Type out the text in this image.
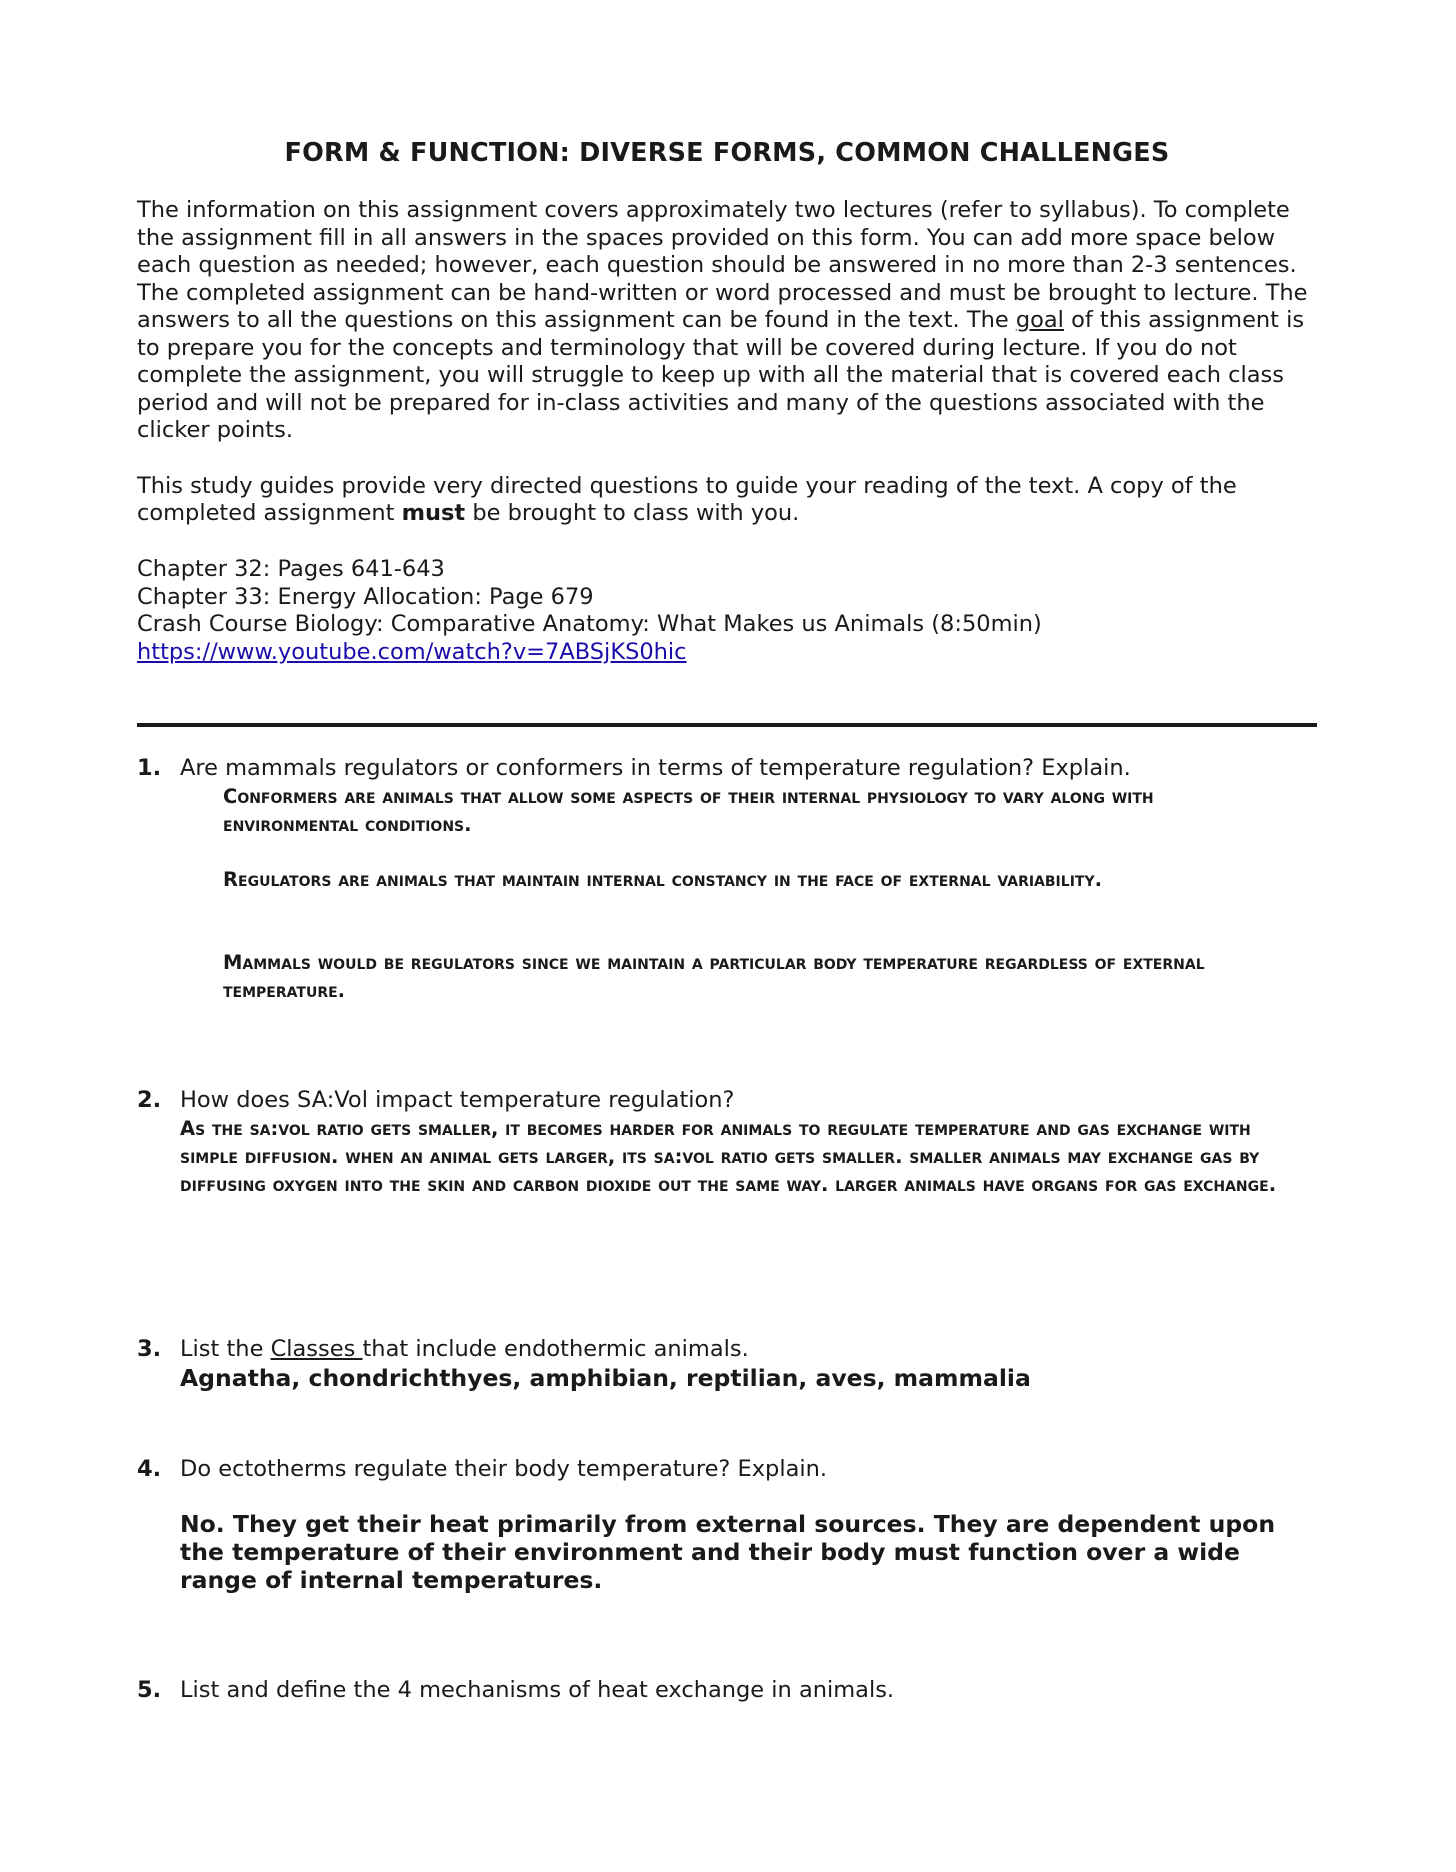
FORM & FUNCTION: DIVERSE FORMS, COMMON CHALLENGES

The information on this assignment covers approximately two lectures (refer to syllabus). To complete the assignment fill in all answers in the spaces provided on this form. You can add more space below each question as needed; however, each question should be answered in no more than 2-3 sentences. The completed assignment can be hand-written or word processed and must be brought to lecture. The answers to all the questions on this assignment can be found in the text. The goal of this assignment is to prepare you for the concepts and terminology that will be covered during lecture. If you do not complete the assignment, you will struggle to keep up with all the material that is covered each class period and will not be prepared for in-class activities and many of the questions associated with the clicker points.

This study guides provide very directed questions to guide your reading of the text. A copy of the completed assignment must be brought to class with you.

Chapter 32: Pages 641-643
Chapter 33: Energy Allocation: Page 679
Crash Course Biology: Comparative Anatomy: What Makes us Animals (8:50min)
https://www.youtube.com/watch?v=7ABSjKS0hic
1. Are mammals regulators or conformers in terms of temperature regulation? Explain.
Conformers are animals that allow some aspects of their internal physiology to vary along with environmental conditions.
Regulators are animals that maintain internal constancy in the face of external variability.
Mammals would be regulators since we maintain a particular body temperature regardless of external temperature.
2. How does SA:Vol impact temperature regulation?
As the sa:vol ratio gets smaller, it becomes harder for animals to regulate temperature and gas exchange with simple diffusion. when an animal gets larger, its sa:vol ratio gets smaller. smaller animals may exchange gas by diffusing oxygen into the skin and carbon dioxide out the same way. larger animals have organs for gas exchange.
3. List the Classes that include endothermic animals.
Agnatha, chondrichthyes, amphibian, reptilian, aves, mammalia
4. Do ectotherms regulate their body temperature? Explain.
No. They get their heat primarily from external sources. They are dependent upon the temperature of their environment and their body must function over a wide range of internal temperatures.
5. List and define the 4 mechanisms of heat exchange in animals.
